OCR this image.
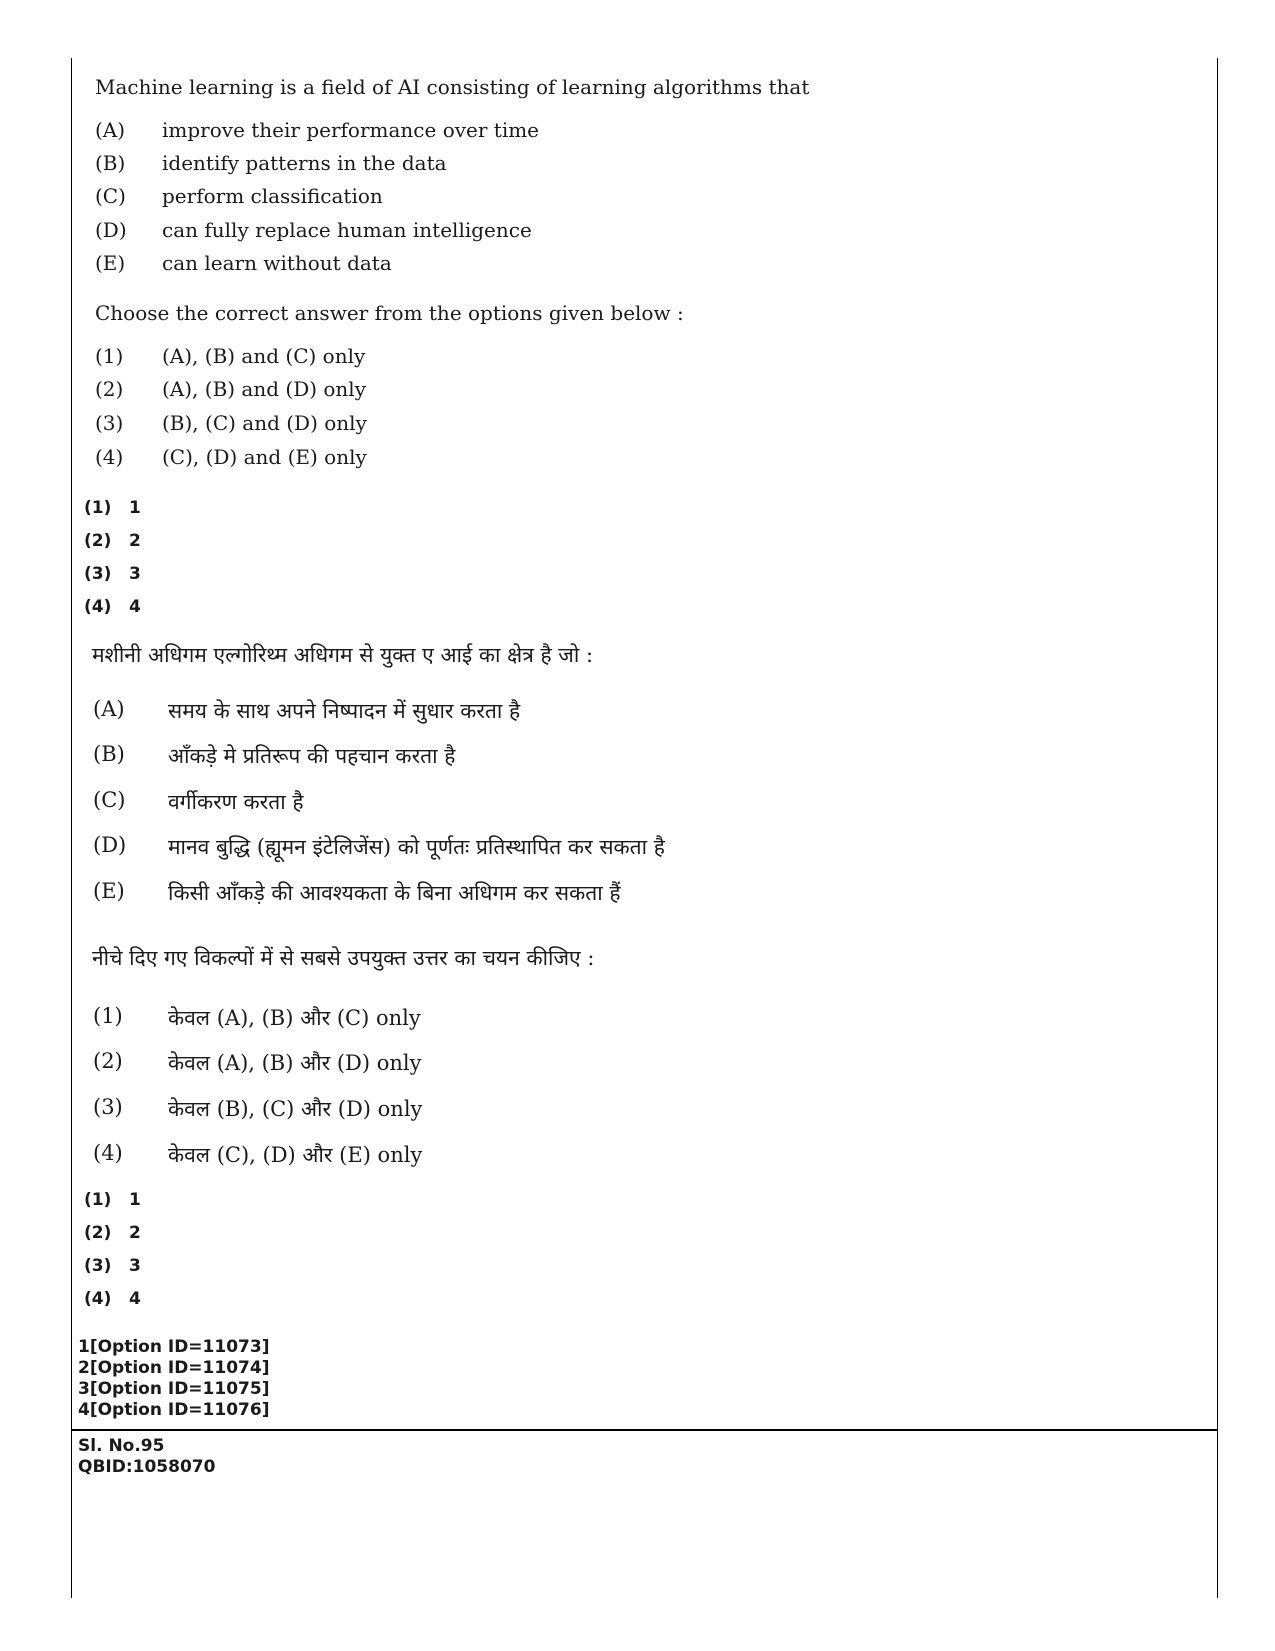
Machine learning is a field of AI consisting of learning algorithms that
(A) improve their performance over time
(B) identify patterns in the data
(C) perform classification
(D) can fully replace human intelligence
(E) can learn without data
Choose the correct answer from the options given below :
(1) (A), (B) and (C) only
(2) (A), (B) and (D) only
(3) (B), (C) and (D) only
(4) (C), (D) and (E) only
(1) 1
(2) 2
(3) 3
(4) 4
मशीनी अधिगम एल्गोरिथ्म अधिगम से युक्त ए आई का क्षेत्र है जो :
(A) समय के साथ अपने निष्पादन में सुधार करता है
(B) आँकड़े मे प्रतिरूप की पहचान करता है
(C) वर्गीकरण करता है
(D) मानव बुद्धि (ह्यूमन इंटेलिजेंस) को पूर्णतः प्रतिस्थापित कर सकता है
(E) किसी आँकड़े की आवश्यकता के बिना अधिगम कर सकता हैं
नीचे दिए गए विकल्पों में से सबसे उपयुक्त उत्तर का चयन कीजिए :
(1) केवल (A), (B) और (C) only
(2) केवल (A), (B) और (D) only
(3) केवल (B), (C) और (D) only
(4) केवल (C), (D) और (E) only
(1) 1
(2) 2
(3) 3
(4) 4
1[Option ID=11073]
2[Option ID=11074]
3[Option ID=11075]
4[Option ID=11076]
Sl. No.95
QBID:1058070
